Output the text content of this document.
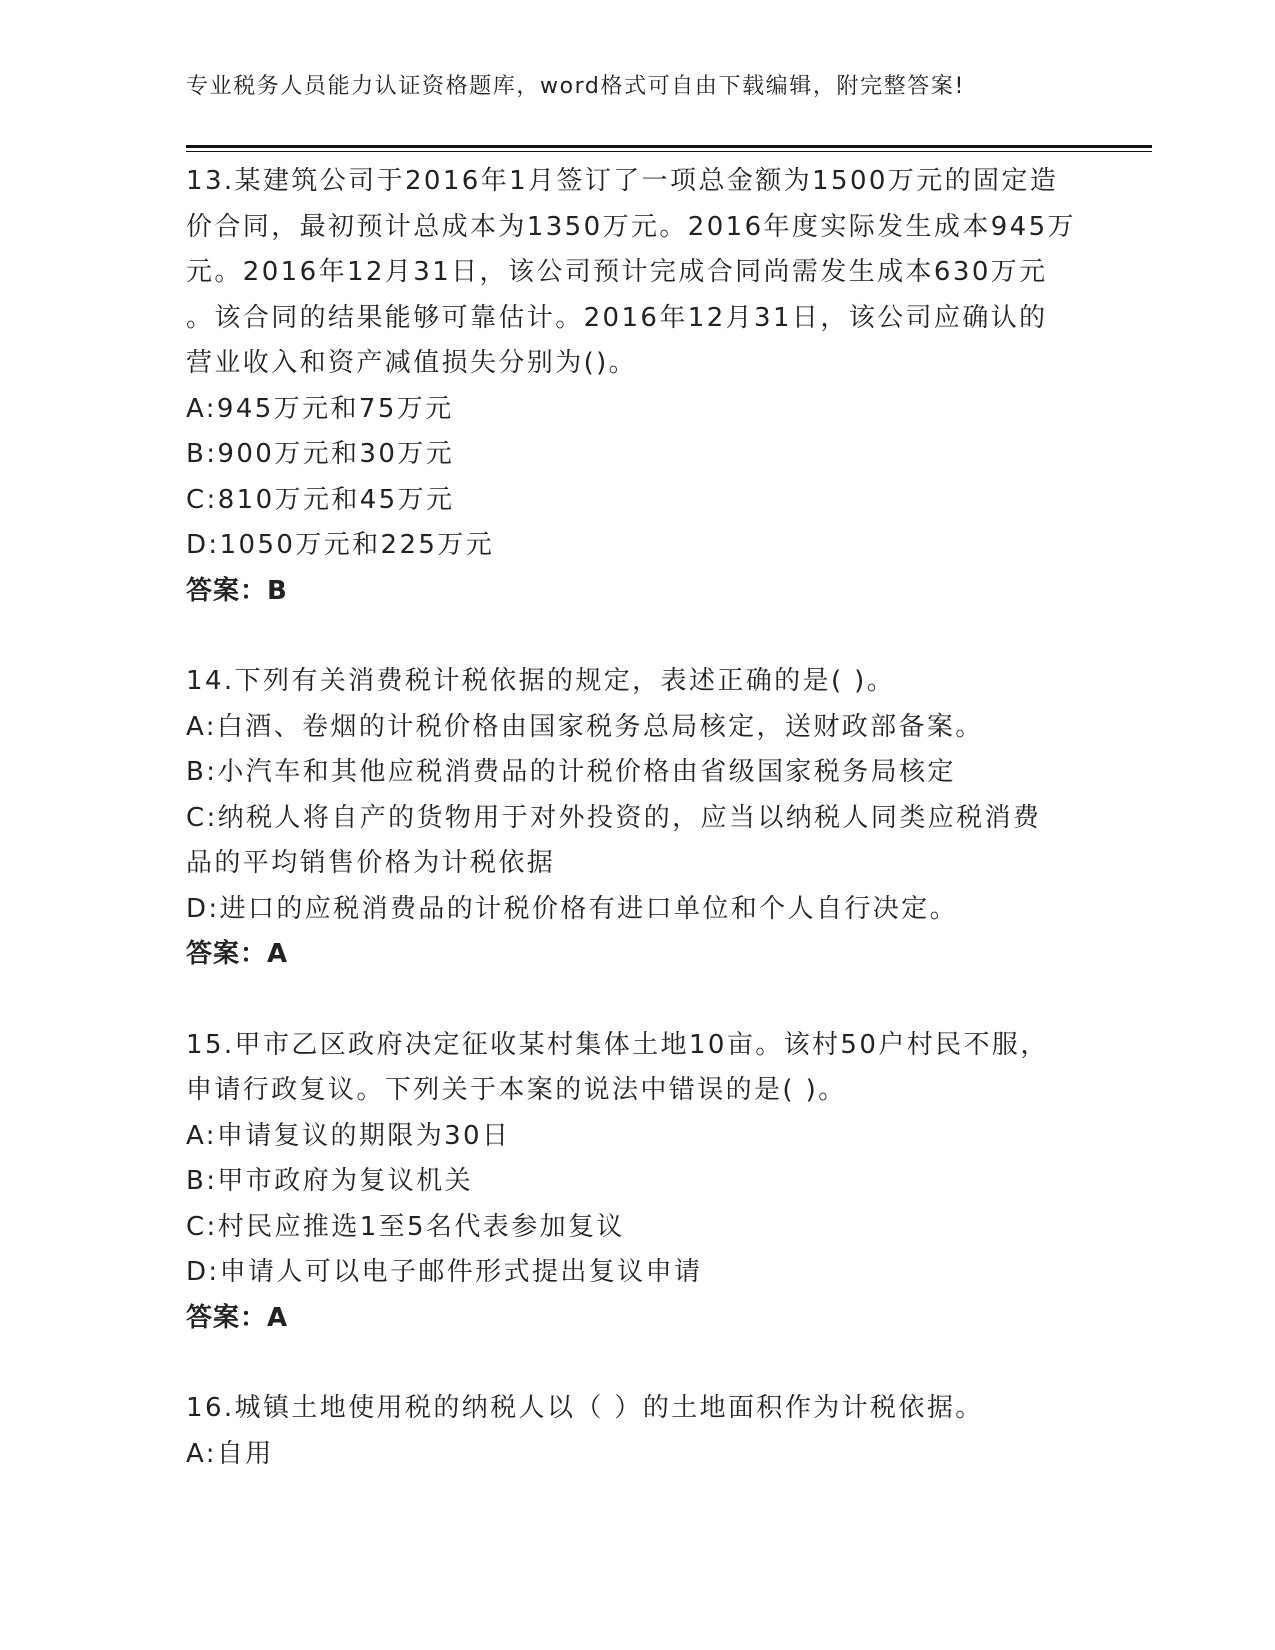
专业税务人员能力认证资格题库，word格式可自由下载编辑，附完整答案!
13.某建筑公司于2016年1月签订了一项总金额为1500万元的固定造
价合同，最初预计总成本为1350万元。2016年度实际发生成本945万
元。2016年12月31日，该公司预计完成合同尚需发生成本630万元
。该合同的结果能够可靠估计。2016年12月31日，该公司应确认的
营业收入和资产减值损失分别为()。
A:945万元和75万元
B:900万元和30万元
C:810万元和45万元
D:1050万元和225万元
答案：B
14.下列有关消费税计税依据的规定，表述正确的是( )。
A:白酒、卷烟的计税价格由国家税务总局核定，送财政部备案。
B:小汽车和其他应税消费品的计税价格由省级国家税务局核定
C:纳税人将自产的货物用于对外投资的，应当以纳税人同类应税消费
品的平均销售价格为计税依据
D:进口的应税消费品的计税价格有进口单位和个人自行决定。
答案：A
15.甲市乙区政府决定征收某村集体土地10亩。该村50户村民不服，
申请行政复议。下列关于本案的说法中错误的是( )。
A:申请复议的期限为30日
B:甲市政府为复议机关
C:村民应推选1至5名代表参加复议
D:申请人可以电子邮件形式提出复议申请
答案：A
16.城镇土地使用税的纳税人以（ ）的土地面积作为计税依据。
A:自用
